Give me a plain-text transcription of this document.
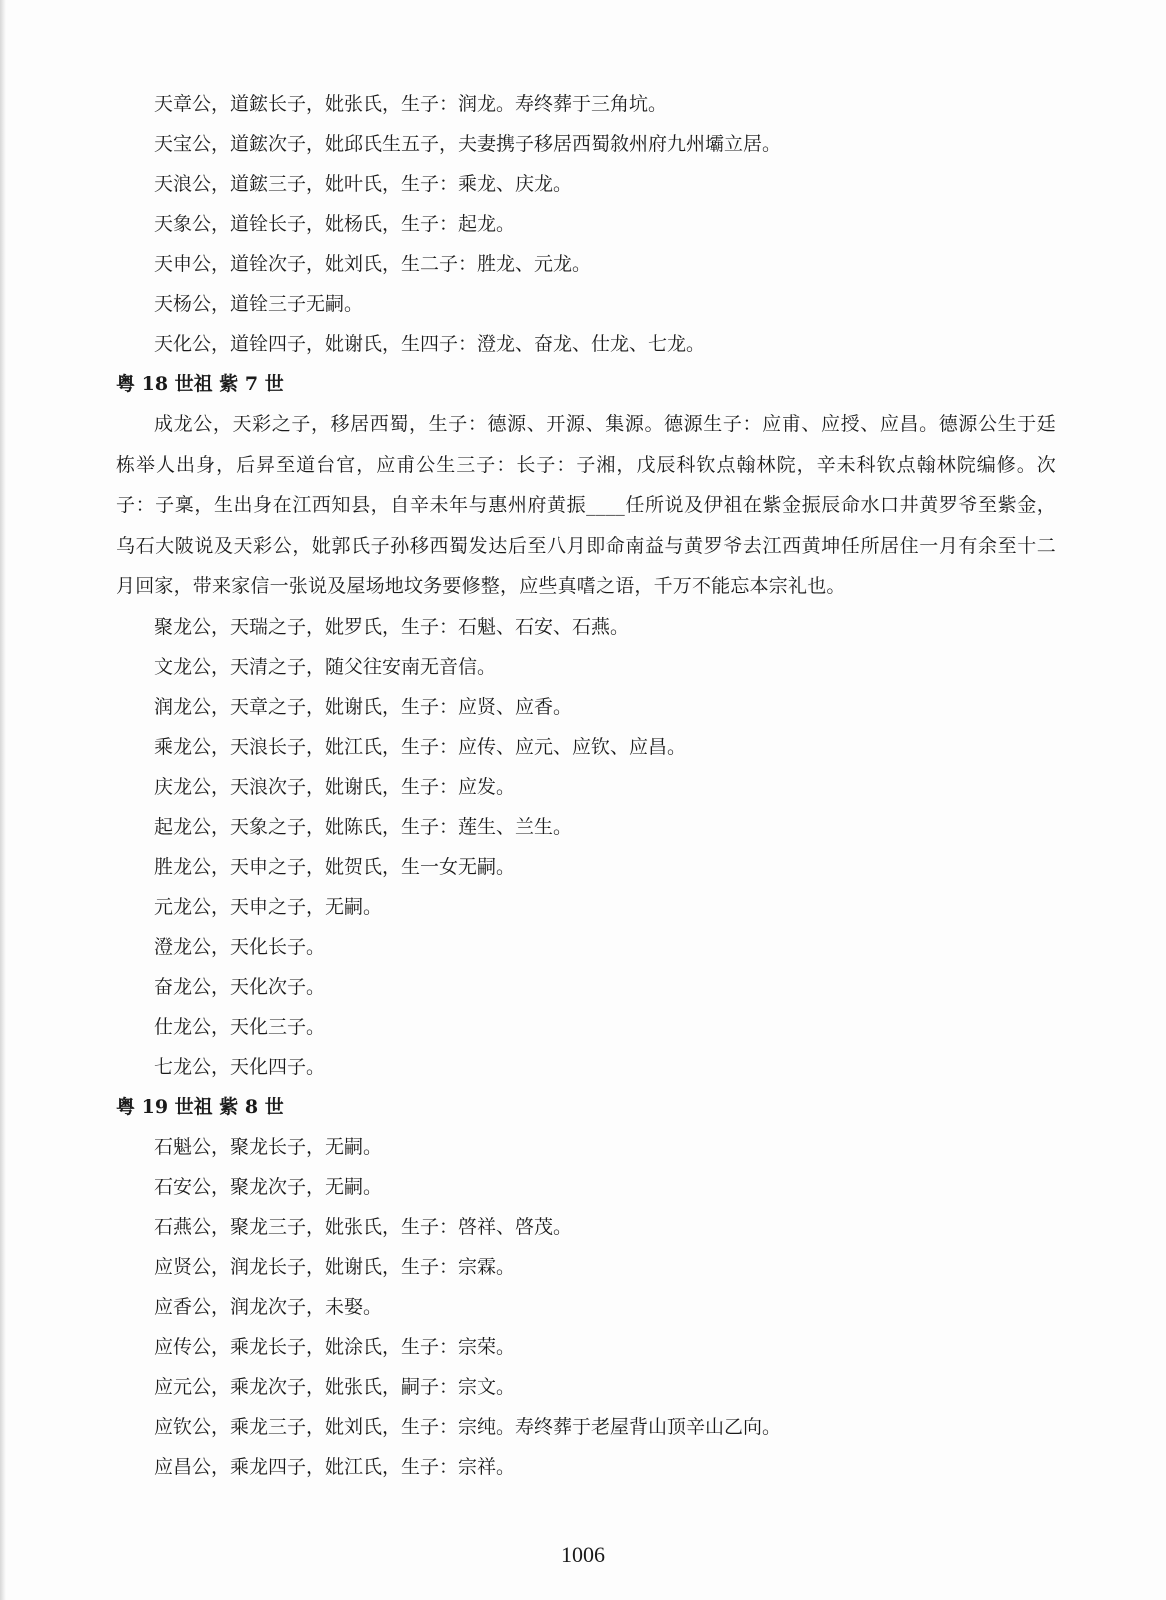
天章公，道鋐长子，妣张氏，生子：润龙。寿终葬于三角坑。
天宝公，道鋐次子，妣邱氏生五子，夫妻携子移居西蜀敘州府九州壩立居。
天浪公，道鋐三子，妣叶氏，生子：乘龙、庆龙。
天象公，道铨长子，妣杨氏，生子：起龙。
天申公，道铨次子，妣刘氏，生二子：胜龙、元龙。
天杨公，道铨三子无嗣。
天化公，道铨四子，妣谢氏，生四子：澄龙、奋龙、仕龙、七龙。
粤 18 世祖 紫 7 世
成龙公，天彩之子，移居西蜀，生子：德源、开源、集源。德源生子：应甫、应授、应昌。德源公生于廷栋举人出身，后昇至道台官，应甫公生三子：长子：子湘，戊辰科钦点翰林院，辛未科钦点翰林院编修。次子：子稟，生出身在江西知县，自辛未年与惠州府黄振____任所说及伊祖在紫金振辰命水口井黄罗爷至紫金，乌石大陂说及天彩公，妣郭氏子孙移西蜀发达后至八月即命南益与黄罗爷去江西黄坤任所居住一月有余至十二月回家，带来家信一张说及屋场地坟务要修整，应些真嗜之语，千万不能忘本宗礼也。
聚龙公，天瑞之子，妣罗氏，生子：石魁、石安、石燕。
文龙公，天清之子，随父往安南无音信。
润龙公，天章之子，妣谢氏，生子：应贤、应香。
乘龙公，天浪长子，妣江氏，生子：应传、应元、应钦、应昌。
庆龙公，天浪次子，妣谢氏，生子：应发。
起龙公，天象之子，妣陈氏，生子：莲生、兰生。
胜龙公，天申之子，妣贺氏，生一女无嗣。
元龙公，天申之子，无嗣。
澄龙公，天化长子。
奋龙公，天化次子。
仕龙公，天化三子。
七龙公，天化四子。
粤 19 世祖 紫 8 世
石魁公，聚龙长子，无嗣。
石安公，聚龙次子，无嗣。
石燕公，聚龙三子，妣张氏，生子：啓祥、啓茂。
应贤公，润龙长子，妣谢氏，生子：宗霖。
应香公，润龙次子，未娶。
应传公，乘龙长子，妣涂氏，生子：宗荣。
应元公，乘龙次子，妣张氏，嗣子：宗文。
应钦公，乘龙三子，妣刘氏，生子：宗纯。寿终葬于老屋背山顶辛山乙向。
应昌公，乘龙四子，妣江氏，生子：宗祥。
1006
